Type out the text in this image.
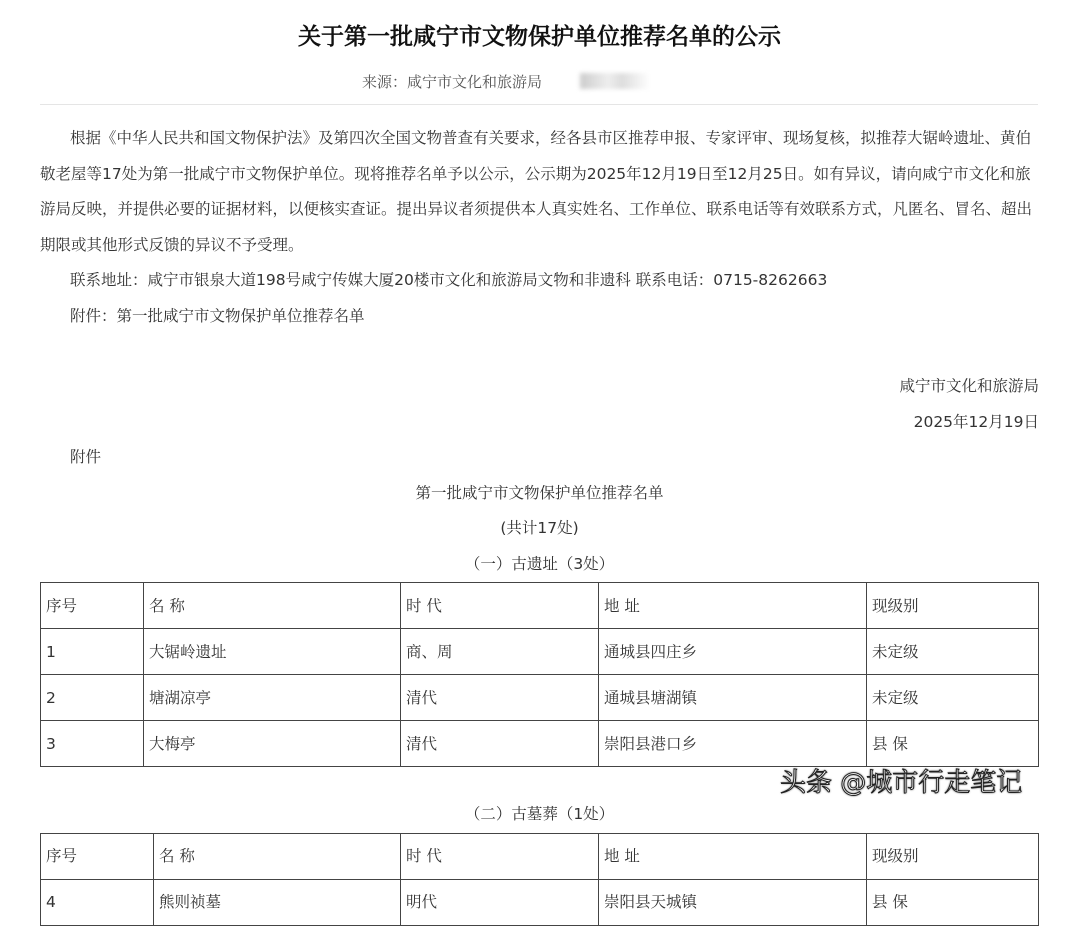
关于第一批咸宁市文物保护单位推荐名单的公示
来源：咸宁市文化和旅游局

根据《中华人民共和国文物保护法》及第四次全国文物普查有关要求，经各县市区推荐申报、专家评审、现场复核，拟推荐大锯岭遗址、黄伯敬老屋等17处为第一批咸宁市文物保护单位。现将推荐名单予以公示，公示期为2025年12月19日至12月25日。如有异议，请向咸宁市文化和旅游局反映，并提供必要的证据材料，以便核实查证。提出异议者须提供本人真实姓名、工作单位、联系电话等有效联系方式，凡匿名、冒名、超出期限或其他形式反馈的异议不予受理。

联系地址：咸宁市银泉大道198号咸宁传媒大厦20楼市文化和旅游局文物和非遗科 联系电话：0715-8262663
附件：第一批咸宁市文物保护单位推荐名单
咸宁市文化和旅游局
2025年12月19日
附件
第一批咸宁市文物保护单位推荐名单
(共计17处)
（一）古遗址（3处）
序号	名 称	时 代	地 址	现级别
1	大锯岭遗址	商、周	通城县四庄乡	未定级
2	塘湖凉亭	清代	通城县塘湖镇	未定级
3	大梅亭	清代	崇阳县港口乡	县 保
（二）古墓葬（1处）
序号	名 称	时 代	地 址	现级别
4	熊则祯墓	明代	崇阳县天城镇	县 保
头条 @城市行走笔记
